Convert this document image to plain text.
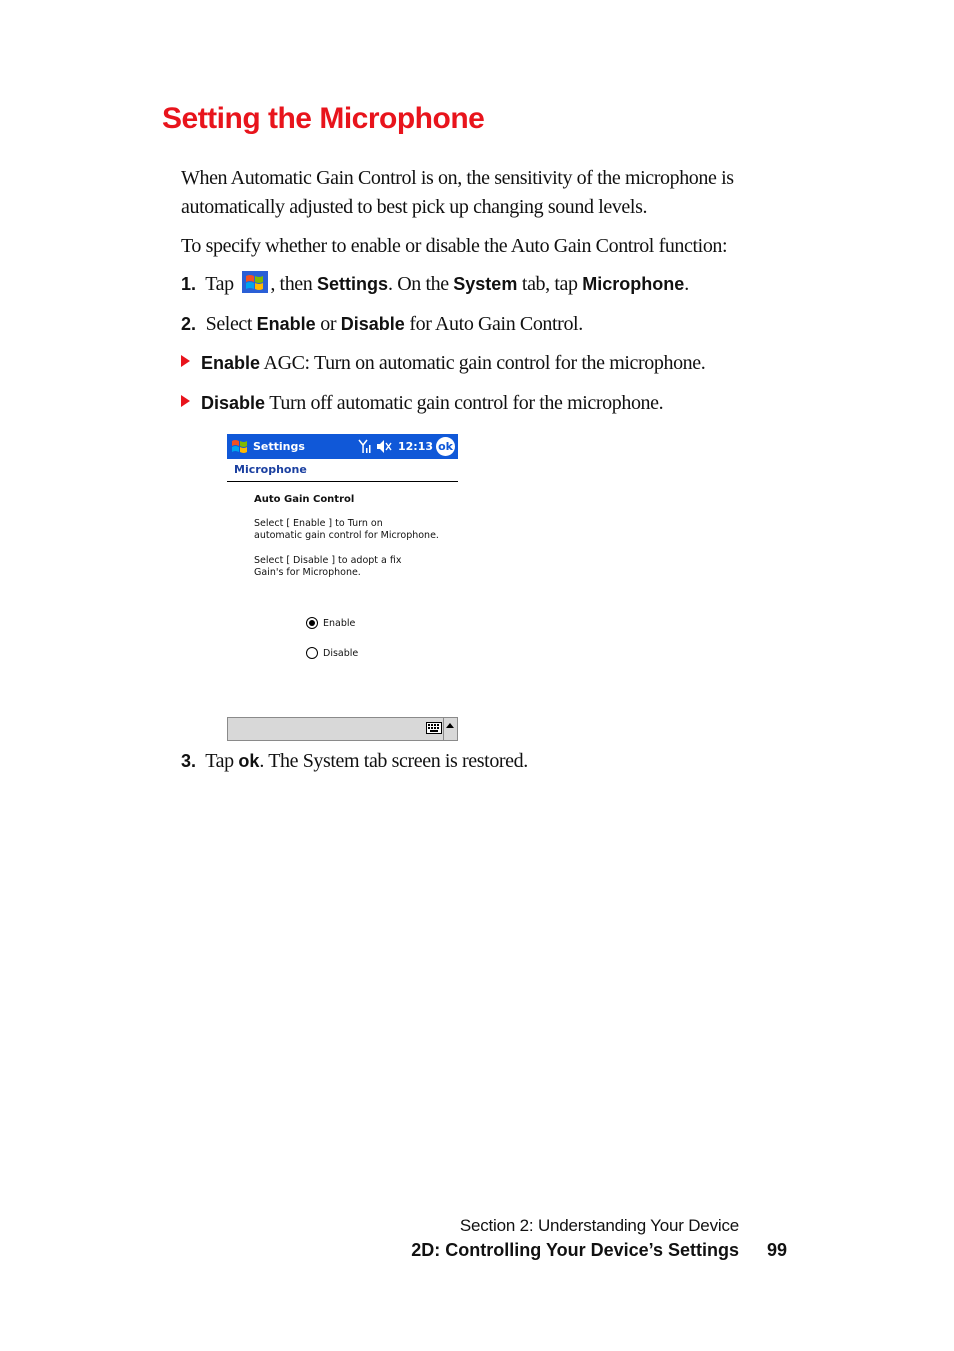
Setting the Microphone

When Automatic Gain Control is on, the sensitivity of the microphone is automatically adjusted to best pick up changing sound levels.

To specify whether to enable or disable the Auto Gain Control function:

1. Tap , then Settings. On the System tab, tap Microphone.
2. Select Enable or Disable for Auto Gain Control.
Enable AGC: Turn on automatic gain control for the microphone.
Disable Turn off automatic gain control for the microphone.
Settings	12:13 ok
Microphone
Auto Gain Control
Select [ Enable ] to Turn on
automatic gain control for Microphone.
Select [ Disable ] to adopt a fix
Gain's for Microphone.
Enable
Disable
3. Tap ok. The System tab screen is restored.
Section 2: Understanding Your Device
2D: Controlling Your Device’s Settings 99
